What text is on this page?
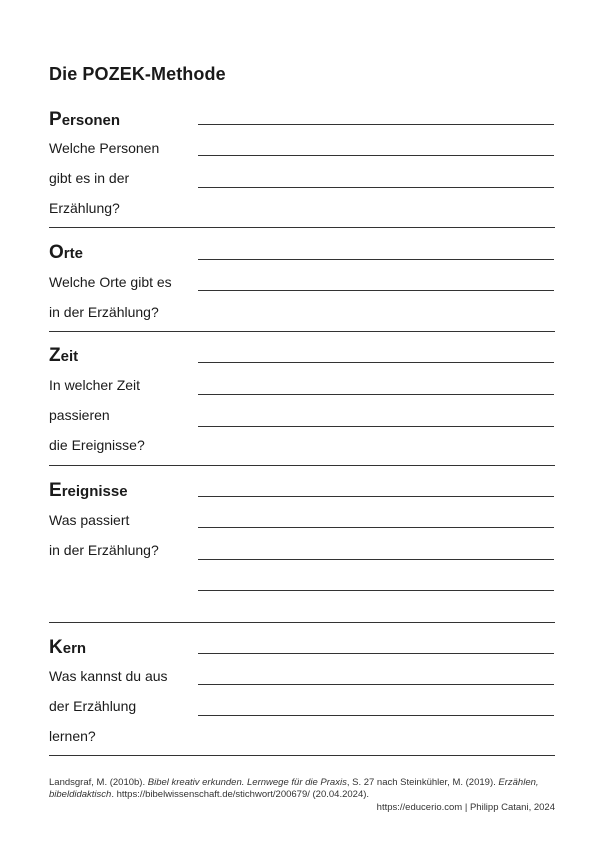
Die POZEK-Methode
Personen
Welche Personen
gibt es in der
Erzählung?
Orte
Welche Orte gibt es
in der Erzählung?
Zeit
In welcher Zeit
passieren
die Ereignisse?
Ereignisse
Was passiert
in der Erzählung?
Kern
Was kannst du aus
der Erzählung
lernen?
Landsgraf, M. (2010b). Bibel kreativ erkunden. Lernwege für die Praxis, S. 27 nach Steinkühler, M. (2019). Erzählen, bibeldidaktisch. https://bibelwissenschaft.de/stichwort/200679/ (20.04.2024).
https://educerio.com | Philipp Catani, 2024
